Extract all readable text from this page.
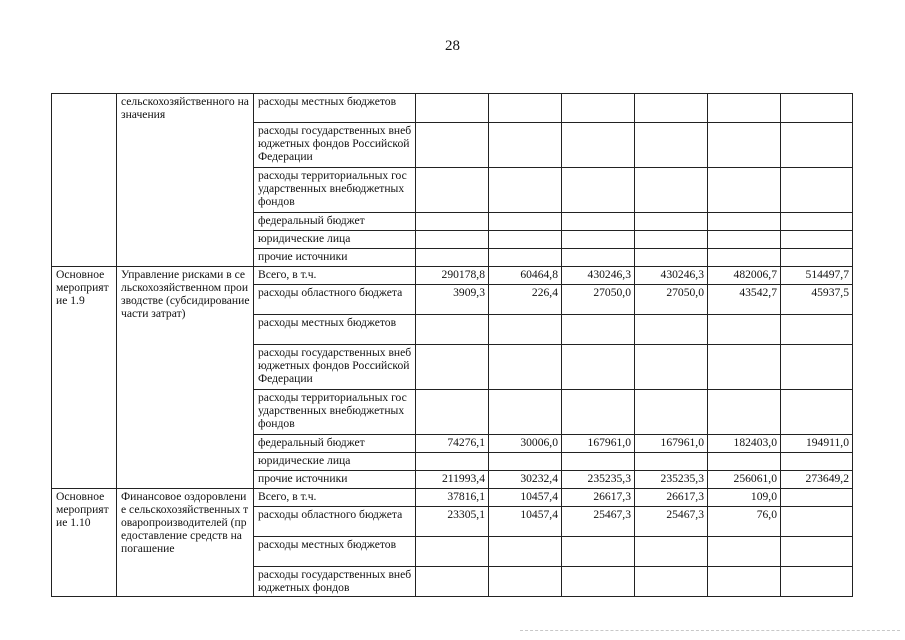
28
	сельскохозяйственного назначения	расходы местных бюджетов						
		расходы государственных внебюджетных фондов Российской Федерации						
		расходы территориальных государственных внебюджетных фондов						
		федеральный бюджет						
		юридические лица						
		прочие источники						
Основное мероприятие 1.9	Управление рисками в сельскохозяйственном производстве (субсидирование части затрат)	Всего, в т.ч.	290178,8	60464,8	430246,3	430246,3	482006,7	514497,7
		расходы областного бюджета	3909,3	226,4	27050,0	27050,0	43542,7	45937,5
		расходы местных бюджетов						
		расходы государственных внебюджетных фондов Российской Федерации						
		расходы территориальных государственных внебюджетных фондов						
		федеральный бюджет	74276,1	30006,0	167961,0	167961,0	182403,0	194911,0
		юридические лица						
		прочие источники	211993,4	30232,4	235235,3	235235,3	256061,0	273649,2
Основное мероприятие 1.10	Финансовое оздоровление сельскохозяйственных товаропроизводителей (предоставление средств на погашение	Всего, в т.ч.	37816,1	10457,4	26617,3	26617,3	109,0	
		расходы областного бюджета	23305,1	10457,4	25467,3	25467,3	76,0	
		расходы местных бюджетов						
		расходы государственных внебюджетных фондов						
